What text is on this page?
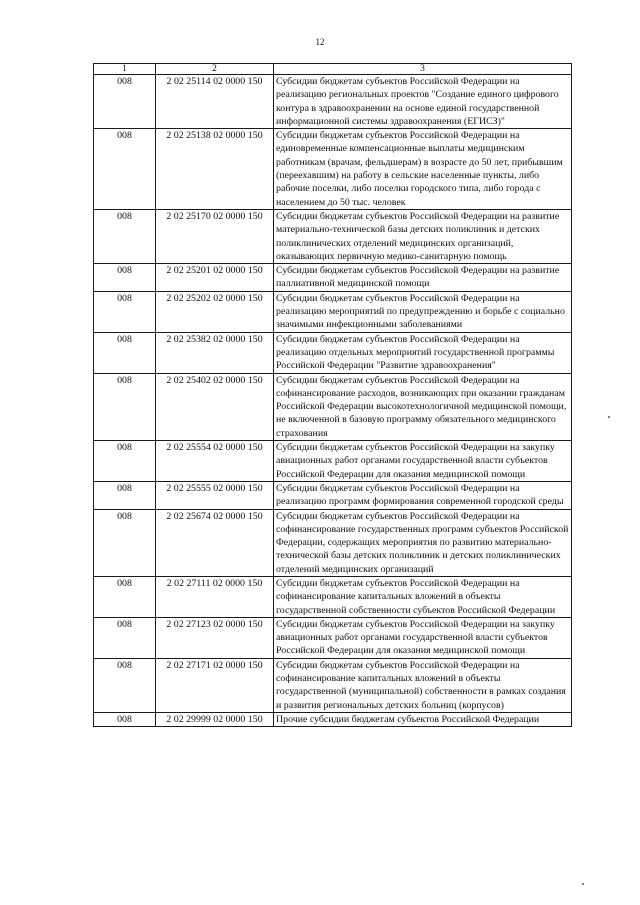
12
1	2	3
008	2 02 25114 02 0000 150	Субсидии бюджетам субъектов Российской Федерации на реализацию региональных проектов "Создание единого цифрового контура в здравоохранении на основе единой государственной информационной системы здравоохранения (ЕГИСЗ)"
008	2 02 25138 02 0000 150	Субсидии бюджетам субъектов Российской Федерации на единовременные компенсационные выплаты медицинским работникам (врачам, фельдшерам) в возрасте до 50 лет, прибывшим (переехавшим) на работу в сельские населенные пункты, либо рабочие поселки, либо поселки городского типа, либо города с населением до 50 тыс. человек
008	2 02 25170 02 0000 150	Субсидии бюджетам субъектов Российской Федерации на развитие материально-технической базы детских поликлиник и детских поликлинических отделений медицинских организаций, оказывающих первичную медико-санитарную помощь
008	2 02 25201 02 0000 150	Субсидии бюджетам субъектов Российской Федерации на развитие паллиативной медицинской помощи
008	2 02 25202 02 0000 150	Субсидии бюджетам субъектов Российской Федерации на реализацию мероприятий по предупреждению и борьбе с социально значимыми инфекционными заболеваниями
008	2 02 25382 02 0000 150	Субсидии бюджетам субъектов Российской Федерации на реализацию отдельных мероприятий государственной программы Российской Федерации "Развитие здравоохранения"
008	2 02 25402 02 0000 150	Субсидии бюджетам субъектов Российской Федерации на софинансирование расходов, возникающих при оказании гражданам Российской Федерации высокотехнологичной медицинской помощи, не включенной в базовую программу обязательного медицинского страхования
008	2 02 25554 02 0000 150	Субсидии бюджетам субъектов Российской Федерации на закупку авиационных работ органами государственной власти субъектов Российской Федерации для оказания медицинской помощи
008	2 02 25555 02 0000 150	Субсидии бюджетам субъектов Российской Федерации на реализацию программ формирования современной городской среды
008	2 02 25674 02 0000 150	Субсидии бюджетам субъектов Российской Федерации на софинансирование государственных программ субъектов Российской Федерации, содержащих мероприятия по развитию материально-технической базы детских поликлиник и детских поликлинических отделений медицинских организаций
008	2 02 27111 02 0000 150	Субсидии бюджетам субъектов Российской Федерации на софинансирование капитальных вложений в объекты государственной собственности субъектов Российской Федерации
008	2 02 27123 02 0000 150	Субсидии бюджетам субъектов Российской Федерации на закупку авиационных работ органами государственной власти субъектов Российской Федерации для оказания медицинской помощи
008	2 02 27171 02 0000 150	Субсидии бюджетам субъектов Российской Федерации на софинансирование капитальных вложений в объекты государственной (муниципальной) собственности в рамках создания и развития региональных детских больниц (корпусов)
008	2 02 29999 02 0000 150	Прочие субсидии бюджетам субъектов Российской Федерации
